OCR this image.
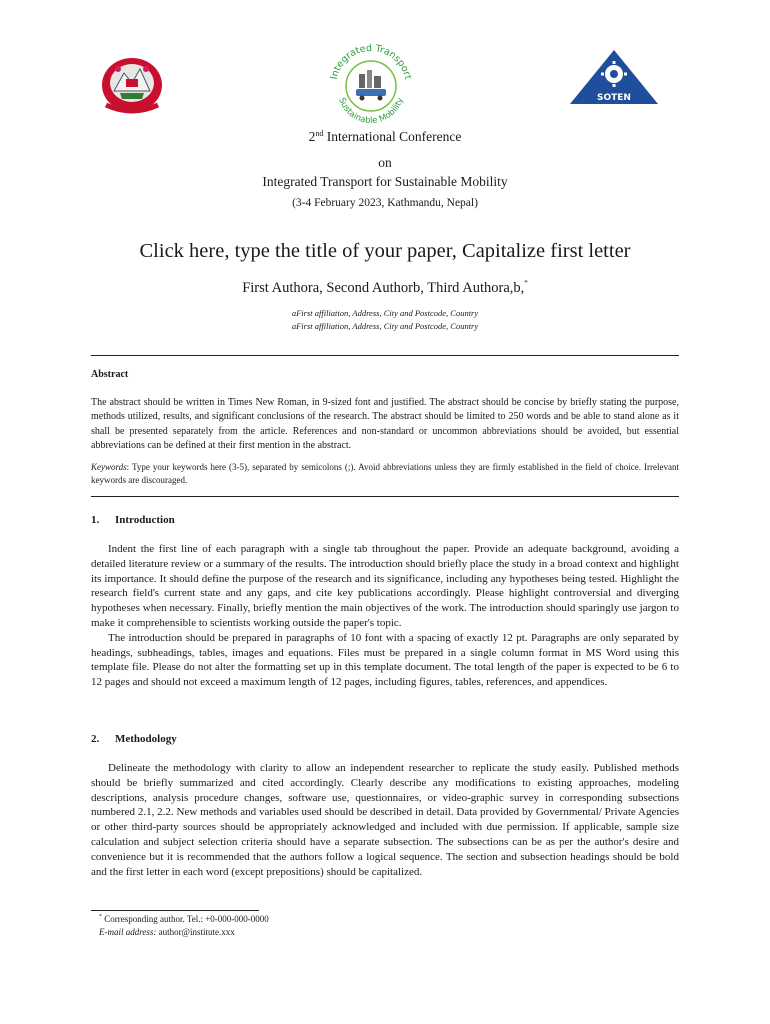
Integrated Transport
Sustainable Mobility	SOTEN
2nd International Conference
on
Integrated Transport for Sustainable Mobility
(3-4 February 2023, Kathmandu, Nepal)
Click here, type the title of your paper, Capitalize first letter
First Authora, Second Authorb, Third Authora,b,*
aFirst affiliation, Address, City and Postcode, Country
aFirst affiliation, Address, City and Postcode, Country
Abstract
The abstract should be written in Times New Roman, in 9-sized font and justified. The abstract should be concise by briefly stating the purpose, methods utilized, results, and significant conclusions of the research. The abstract should be limited to 250 words and be able to stand alone as it shall be presented separately from the article. References and non-standard or uncommon abbreviations should be avoided, but essential abbreviations can be defined at their first mention in the abstract.
Keywords: Type your keywords here (3-5), separated by semicolons (;). Avoid abbreviations unless they are firmly established in the field of choice. Irrelevant keywords are discouraged.
1. Introduction

Indent the first line of each paragraph with a single tab throughout the paper. Provide an adequate background, avoiding a detailed literature review or a summary of the results. The introduction should briefly place the study in a broad context and highlight its importance. It should define the purpose of the research and its significance, including any hypotheses being tested. Highlight the research field's current state and any gaps, and cite key publications accordingly. Please highlight controversial and diverging hypotheses when necessary. Finally, briefly mention the main objectives of the work. The introduction should sparingly use jargon to make it comprehensible to scientists working outside the paper's topic.

The introduction should be prepared in paragraphs of 10 font with a spacing of exactly 12 pt. Paragraphs are only separated by headings, subheadings, tables, images and equations. Files must be prepared in a single column format in MS Word using this template file. Please do not alter the formatting set up in this template document. The total length of the paper is expected to be 6 to 12 pages and should not exceed a maximum length of 12 pages, including figures, tables, references, and appendices.

2. Methodology

Delineate the methodology with clarity to allow an independent researcher to replicate the study easily. Published methods should be briefly summarized and cited accordingly. Clearly describe any modifications to existing approaches, modeling descriptions, analysis procedure changes, software use, questionnaires, or video-graphic survey in corresponding subsections numbered 2.1, 2.2. New methods and variables used should be described in detail. Data provided by Governmental/ Private Agencies or other third-party sources should be appropriately acknowledged and included with due permission. If applicable, sample size calculation and subject selection criteria should have a separate subsection. The subsections can be as per the author's desire and convenience but it is recommended that the authors follow a logical sequence. The section and subsection headings should be bold and the first letter in each word (except prepositions) should be capitalized.

* Corresponding author. Tel.: +0-000-000-0000
E-mail address: author@institute.xxx
